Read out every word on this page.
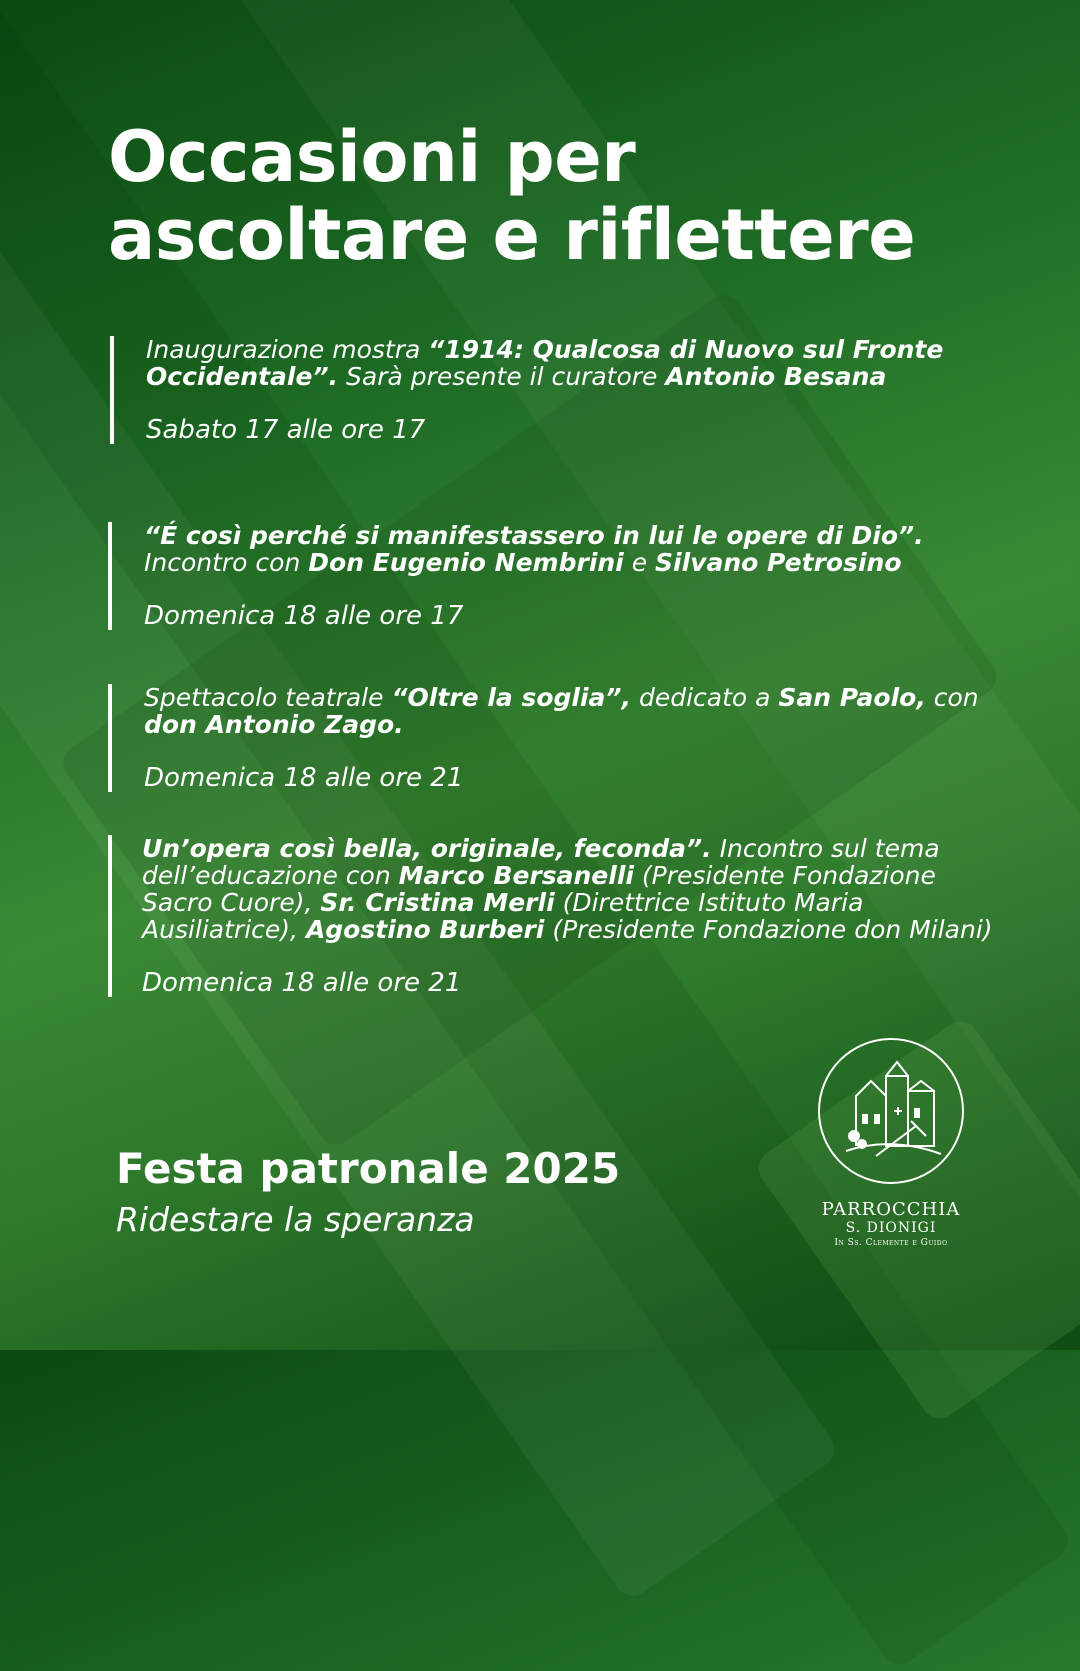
Occasioni per
ascoltare e riflettere

Inaugurazione mostra “1914: Qualcosa di Nuovo sul Fronte Occidentale”. Sarà presente il curatore Antonio Besana

Sabato 17 alle ore 17

“É così perché si manifestassero in lui le opere di Dio”. Incontro con Don Eugenio Nembrini e Silvano Petrosino

Domenica 18 alle ore 17

Spettacolo teatrale “Oltre la soglia”, dedicato a San Paolo, con don Antonio Zago.

Domenica 18 alle ore 21

Un’opera così bella, originale, feconda”. Incontro sul tema dell’educazione con Marco Bersanelli (Presidente Fondazione Sacro Cuore), Sr. Cristina Merli (Direttrice Istituto Maria Ausiliatrice), Agostino Burberi (Presidente Fondazione don Milani)

Domenica 18 alle ore 21

Festa patronale 2025

Ridestare la speranza	PARROCCHIA
S. DIONIGI
In Ss. Clemente e Guido
